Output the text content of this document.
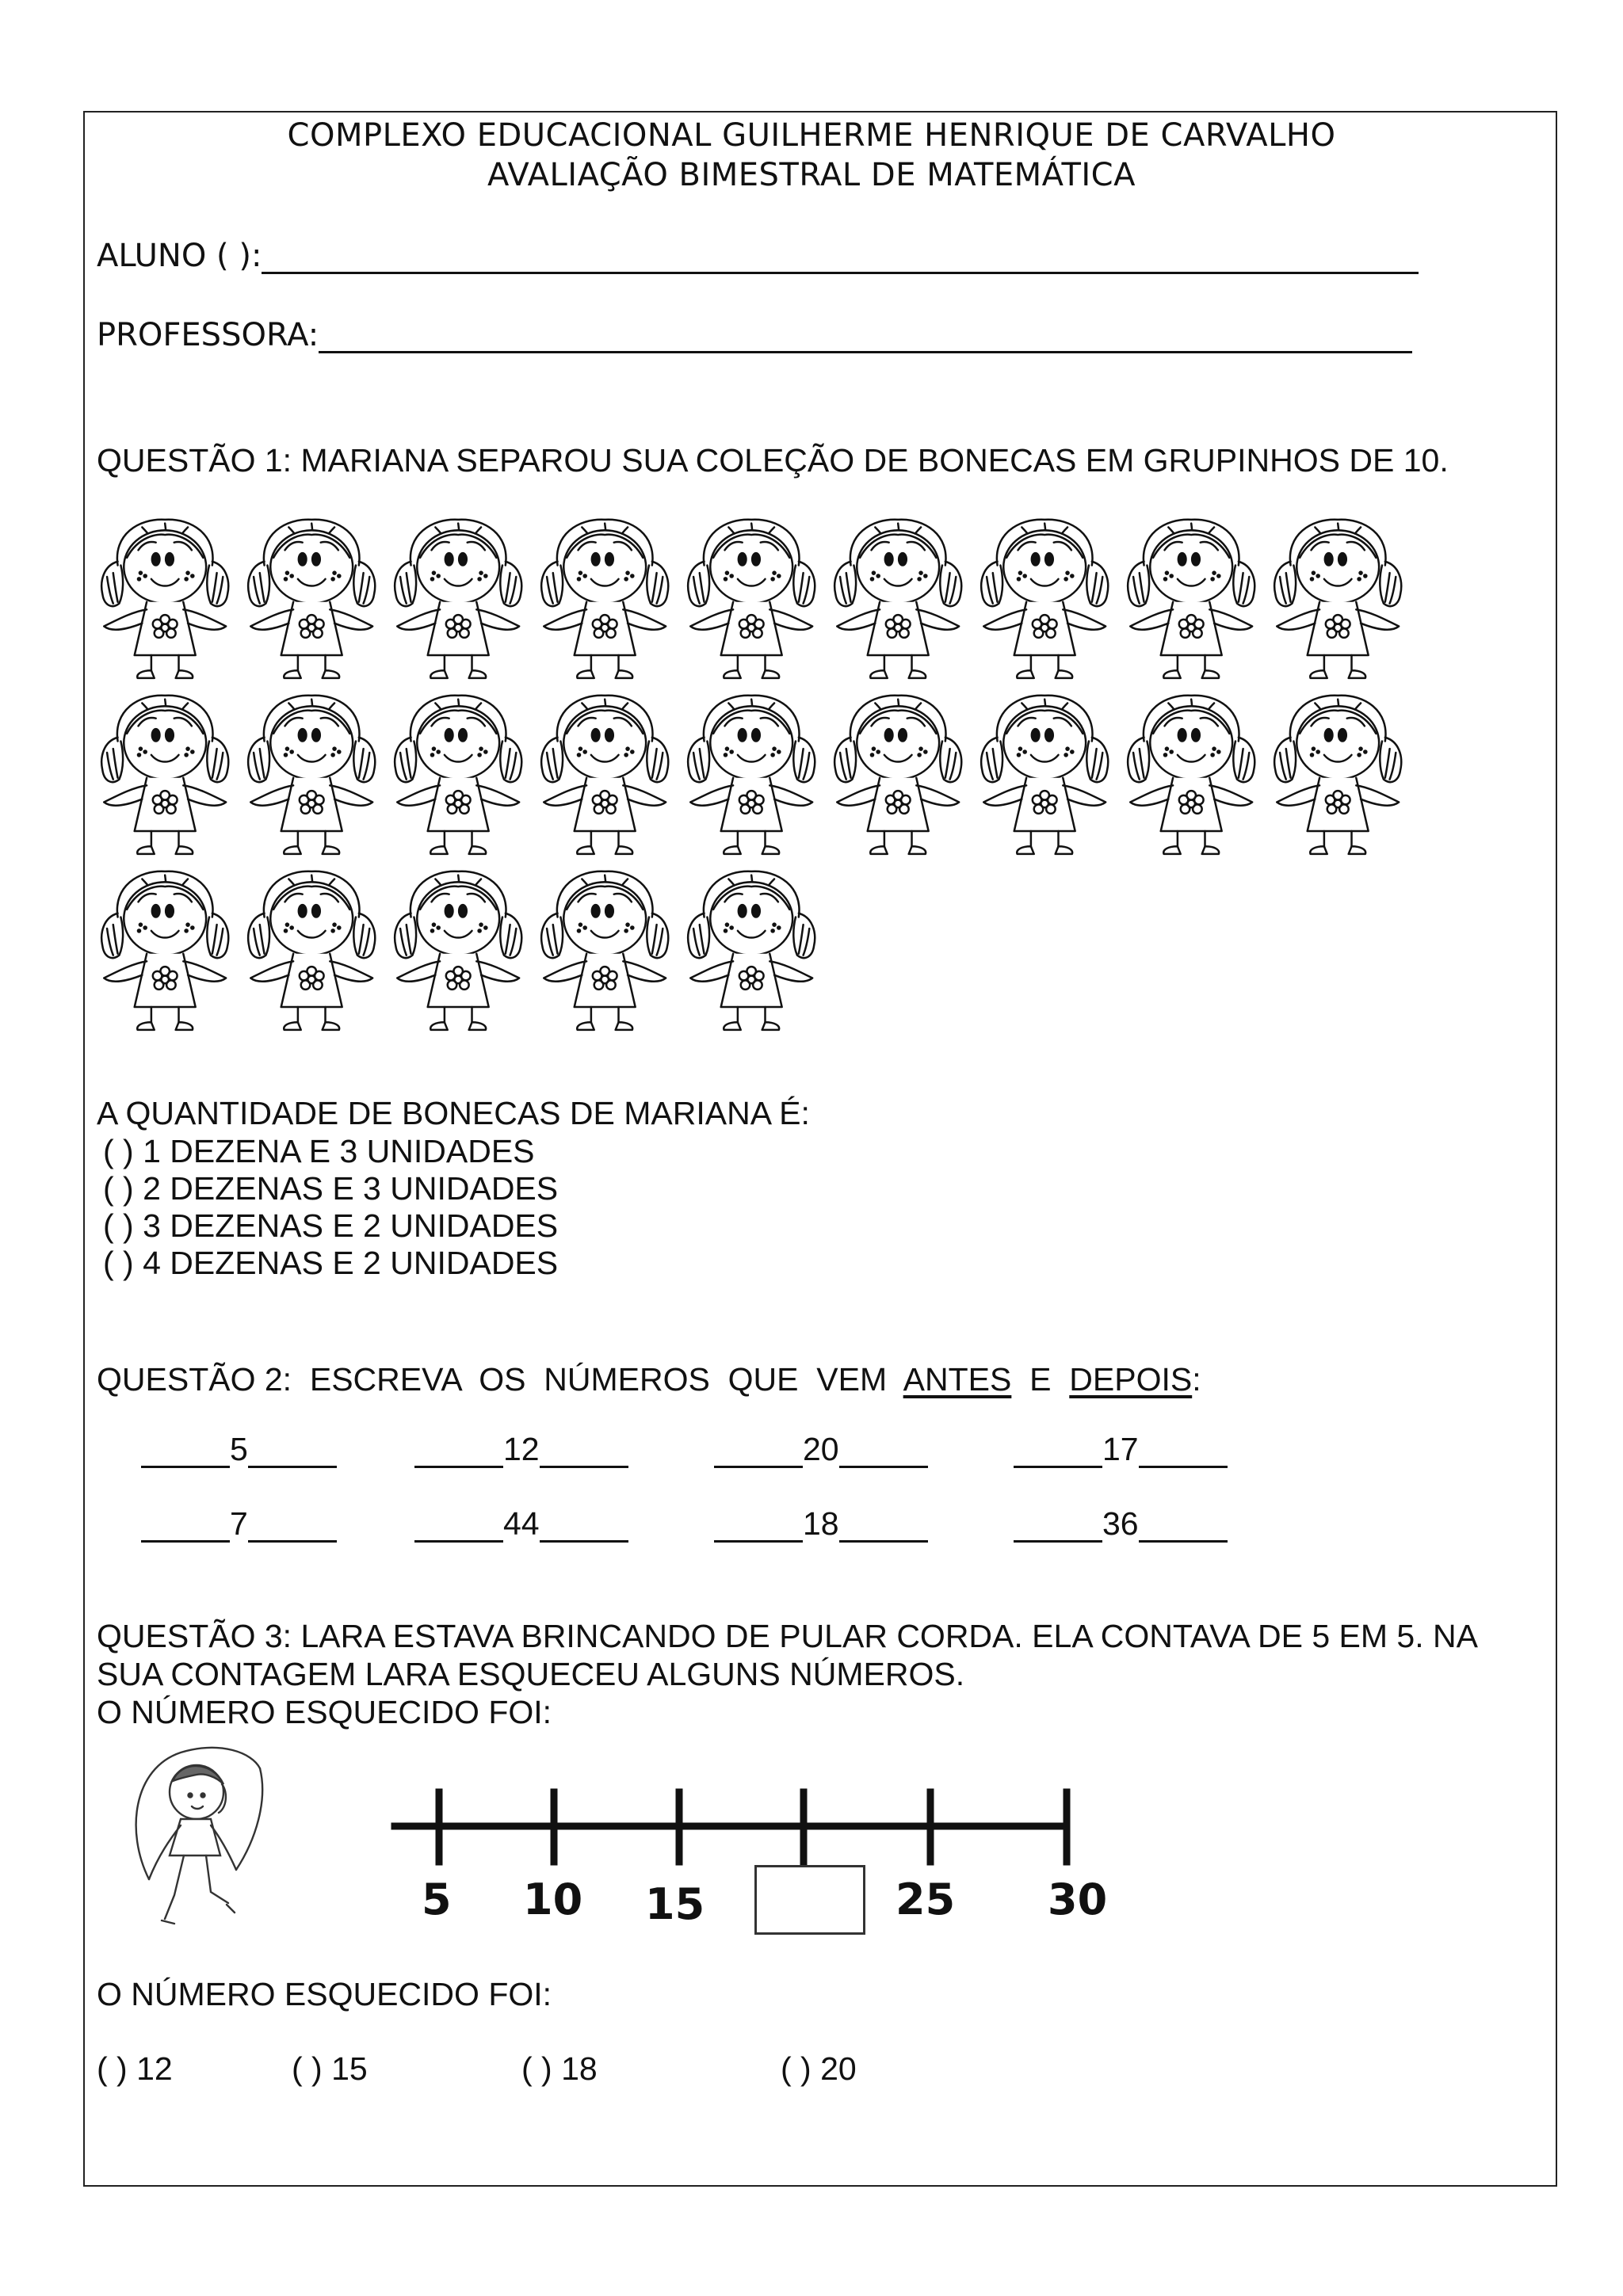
COMPLEXO EDUCACIONAL GUILHERME HENRIQUE DE CARVALHO
AVALIAÇÃO BIMESTRAL DE MATEMÁTICA
ALUNO ( ):
PROFESSORA:
QUESTÃO 1: MARIANA SEPAROU SUA COLEÇÃO DE BONECAS EM GRUPINHOS DE 10.
A QUANTIDADE DE BONECAS DE MARIANA É:
( ) 1 DEZENA E 3 UNIDADES
( ) 2 DEZENAS E 3 UNIDADES
( ) 3 DEZENAS E 2 UNIDADES
( ) 4 DEZENAS E 2 UNIDADES
QUESTÃO 2:  ESCREVA  OS  NÚMEROS  QUE  VEM  ANTES  E  DEPOIS:
5	12	20	17
7	44	18	36
QUESTÃO 3: LARA ESTAVA BRINCANDO DE PULAR CORDA. ELA CONTAVA DE 5 EM 5. NA
SUA CONTAGEM LARA ESQUECEU ALGUNS NÚMEROS.
O NÚMERO ESQUECIDO FOI:
5 10 15	25 30
O NÚMERO ESQUECIDO FOI:
( ) 12	( ) 15	( ) 18	( ) 20
